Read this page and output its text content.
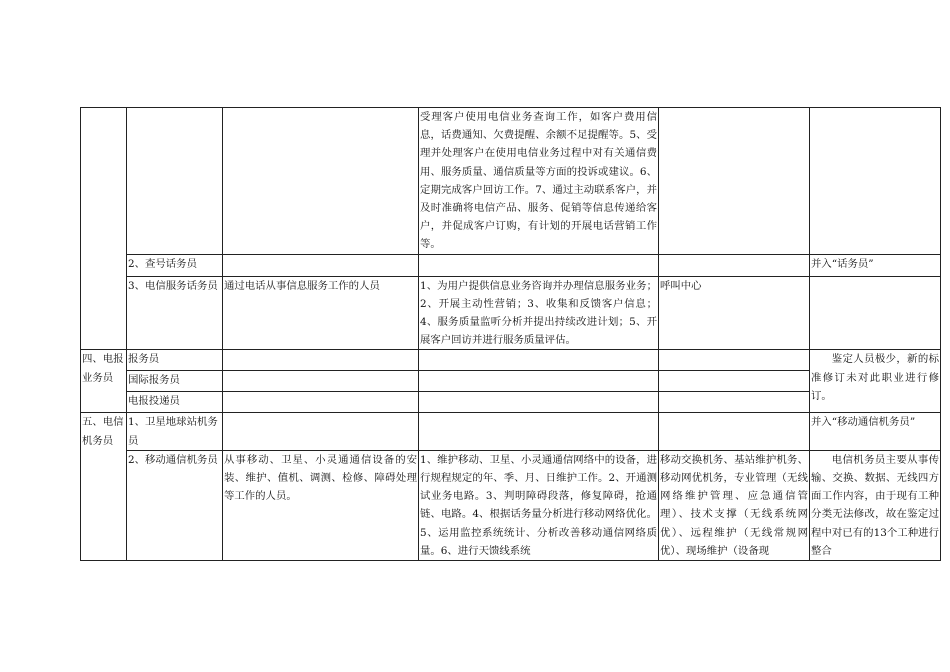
			受理客户使用电信业务查询工作，如客户费用信息，话费通知、欠费提醒、余额不足提醒等。5、受理并处理客户在使用电信业务过程中对有关通信费用、服务质量、通信质量等方面的投诉或建议。6、定期完成客户回访工作。7、通过主动联系客户，并及时准确将电信产品、服务、促销等信息传递给客户，并促成客户订购，有计划的开展电话营销工作等。		
	2、查号话务员				并入“话务员”
	3、电信服务话务员	通过电话从事信息服务工作的人员	1、为用户提供信息业务咨询并办理信息服务业务；2、开展主动性营销；3、收集和反馈客户信息；4、服务质量监听分析并提出持续改进计划；5、开展客户回访并进行服务质量评估。	呼叫中心	
四、电报业务员	报务员				鉴定人员极少，新的标准修订未对此职业进行修订。
	国际报务员				
	电报投递员				
五、电信机务员	1、卫星地球站机务员				并入“移动通信机务员”
	2、移动通信机务员	从事移动、卫星、小灵通通信设备的安装、维护、值机、调测、检修、障碍处理等工作的人员。	1、维护移动、卫星、小灵通通信网络中的设备，进行规程规定的年、季、月、日维护工作。2、开通测试业务电路。3、判明障碍段落，修复障碍，抢通链、电路。4、根据话务量分析进行移动网络优化。5、运用监控系统统计、分析改善移动通信网络质量。6、进行天馈线系统	移动交换机务、基站维护机务、移动网优机务，专业管理（无线网络维护管理、应急通信管理）、技术支撑（无线系统网优）、远程维护（无线常规网优）、现场维护（设备现	电信机务员主要从事传输、交换、数据、无线四方面工作内容，由于现有工种分类无法修改，故在鉴定过程中对已有的13个工种进行整合
